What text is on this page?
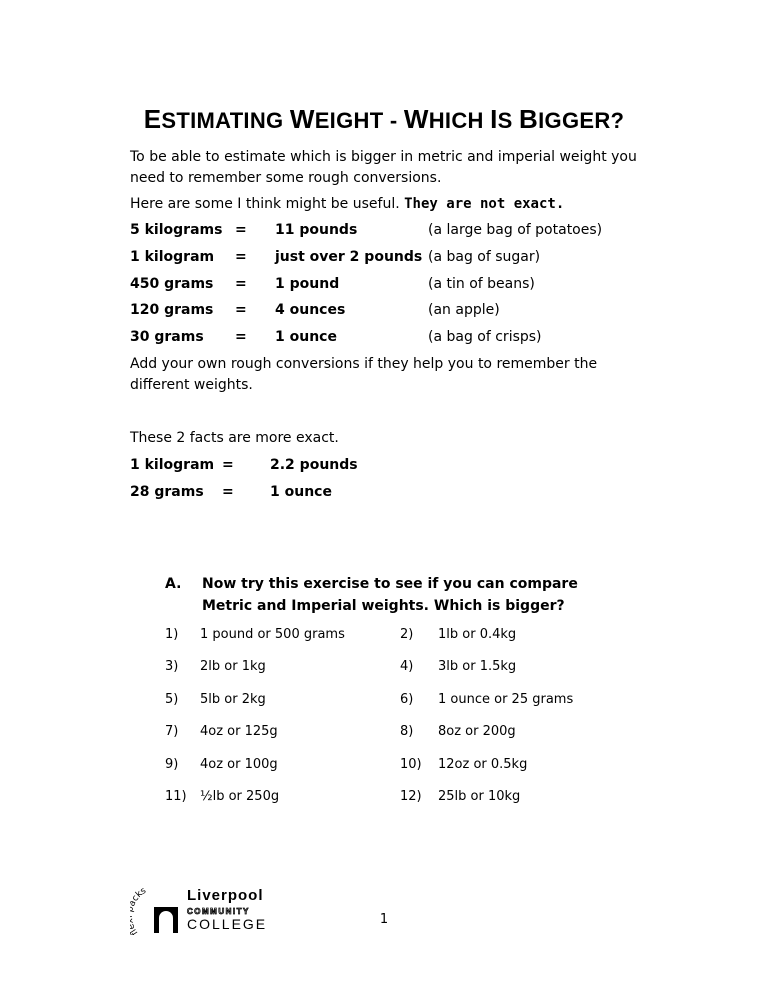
ESTIMATING WEIGHT - WHICH IS BIGGER?
To be able to estimate which is bigger in metric and imperial weight you need to remember some rough conversions.
Here are some I think might be useful. They are not exact.
5 kilograms = 11 pounds	(a large bag of potatoes)
1 kilogram = just over 2 pounds (a bag of sugar)
450 grams = 1 pound	(a tin of beans)
120 grams = 4 ounces	(an apple)
30 grams = 1 ounce	(a bag of crisps)
Add your own rough conversions if they help you to remember the different weights.
These 2 facts are more exact.
1 kilogram =	2.2 pounds
28 grams =	1 ounce
A. Now try this exercise to see if you can compare Metric and Imperial weights. Which is bigger?
1) 1 pound or 500 grams	2) 1lb or 0.4kg
3) 2lb or 1kg	4) 3lb or 1.5kg
5) 5lb or 2kg	6) 1 ounce or 25 grams
7) 4oz or 125g	8) 8oz or 200g
9) 4oz or 100g	10) 12oz or 0.5kg
11) ½lb or 250g	12) 25lb or 10kg
flexi cks	Liverpool
COMMUNITY
COLLEGE	1
